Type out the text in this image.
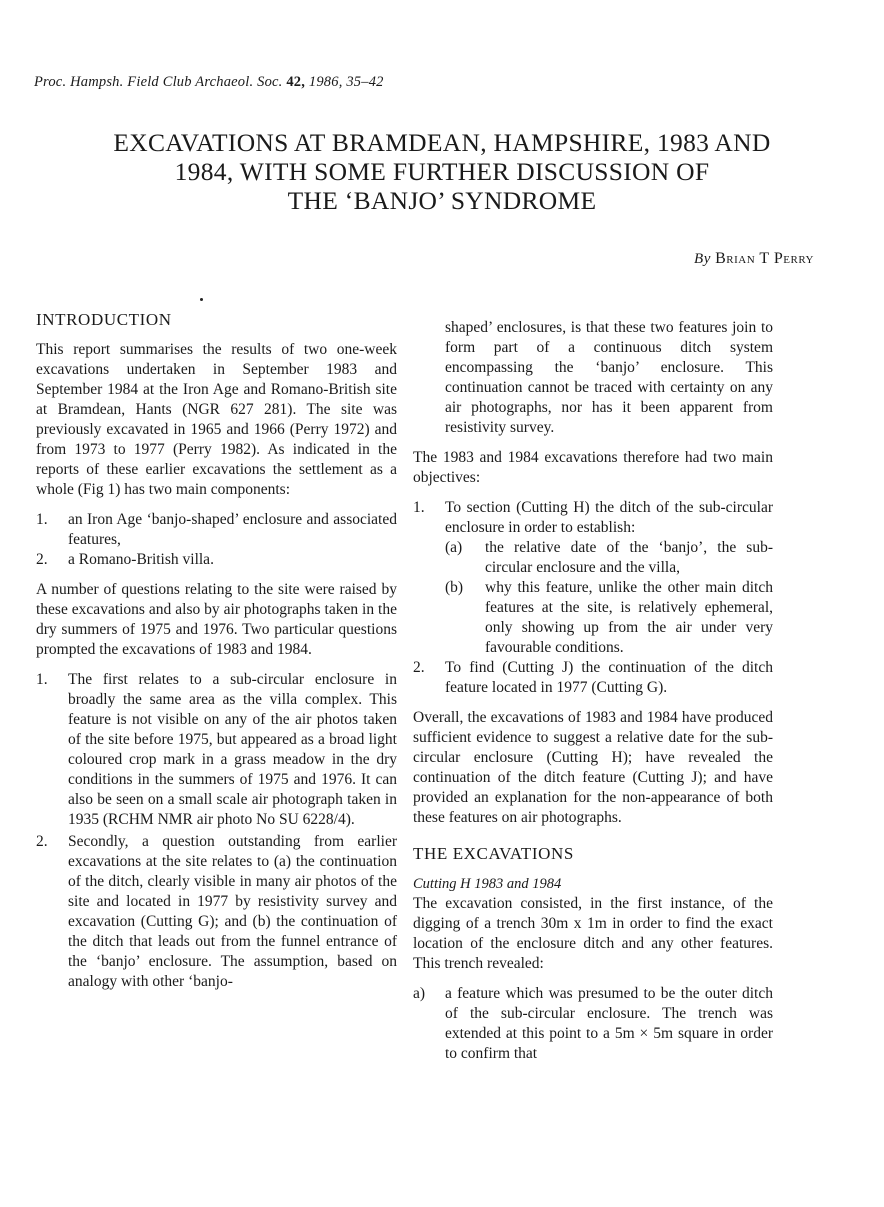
Proc. Hampsh. Field Club Archaeol. Soc. 42, 1986, 35–42
EXCAVATIONS AT BRAMDEAN, HAMPSHIRE, 1983 AND
1984, WITH SOME FURTHER DISCUSSION OF
THE ‘BANJO’ SYNDROME
By Brian T Perry
INTRODUCTION

This report summarises the results of two one-week excavations undertaken in September 1983 and September 1984 at the Iron Age and Romano-British site at Bramdean, Hants (NGR 627 281). The site was previously excavated in 1965 and 1966 (Perry 1972) and from 1973 to 1977 (Perry 1982). As indicated in the reports of these earlier excavations the settlement as a whole (Fig 1) has two main components:

1. an Iron Age ‘banjo-shaped’ enclosure and associated features,
2. a Romano-British villa.

A number of questions relating to the site were raised by these excavations and also by air photographs taken in the dry summers of 1975 and 1976. Two particular questions prompted the excavations of 1983 and 1984.

1. The first relates to a sub-circular enclosure in broadly the same area as the villa complex. This feature is not visible on any of the air photos taken of the site before 1975, but appeared as a broad light coloured crop mark in a grass meadow in the dry conditions in the summers of 1975 and 1976. It can also be seen on a small scale air photograph taken in 1935 (RCHM NMR air photo No SU 6228/4).
2. Secondly, a question outstanding from earlier excavations at the site relates to (a) the continuation of the ditch, clearly visible in many air photos of the site and located in 1977 by resistivity survey and excavation (Cutting G); and (b) the continuation of the ditch that leads out from the funnel entrance of the ‘banjo’ enclosure. The assumption, based on analogy with other ‘banjo-

shaped’ enclosures, is that these two features join to form part of a continuous ditch system encompassing the ‘banjo’ enclosure. This continuation cannot be traced with certainty on any air photographs, nor has it been apparent from resistivity survey.

The 1983 and 1984 excavations therefore had two main objectives:

1. To section (Cutting H) the ditch of the sub-circular enclosure in order to establish:
(a) the relative date of the ‘banjo’, the sub-circular enclosure and the villa,
(b) why this feature, unlike the other main ditch features at the site, is relatively ephemeral, only showing up from the air under very favourable conditions.
2. To find (Cutting J) the continuation of the ditch feature located in 1977 (Cutting G).

Overall, the excavations of 1983 and 1984 have produced sufficient evidence to suggest a relative date for the sub-circular enclosure (Cutting H); have revealed the continuation of the ditch feature (Cutting J); and have provided an explanation for the non-appearance of both these features on air photographs.

THE EXCAVATIONS
Cutting H 1983 and 1984

The excavation consisted, in the first instance, of the digging of a trench 30m x 1m in order to find the exact location of the enclosure ditch and any other features. This trench revealed:

a) a feature which was presumed to be the outer ditch of the sub-circular enclosure. The trench was extended at this point to a 5m × 5m square in order to confirm that
